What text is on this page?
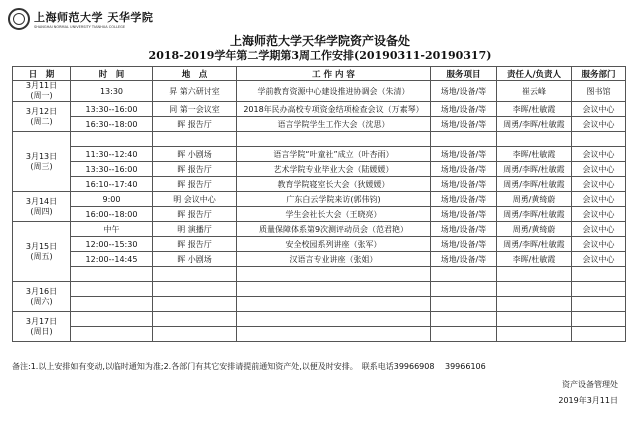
上海师范大学 天华学院
SHANGHAI NORMAL UNIVERSITY TIANHUA COLLEGE
上海师范大学天华学院资产设备处
2018-2019学年第二学期第3周工作安排(20190311-20190317)
日　期	时　间	地　点	工 作 内 容	服务项目	责任人/负责人	服务部门
3月11日
(周一)	13:30	昇 第六研讨室	学前教育资源中心建设推进协调会（朱清）	场地/设备/等	崔云峰	图书馆
3月12日
(周二)	13:30--16:00	同 第一会议室	2018年民办高校专项资金结项检查会议（万素琴）	场地/设备/等	李晖/杜敏霞	会议中心
	16:30--18:00	晖 报告厅	语言学院学生工作大会（沈思）	场地/设备/等	周勇/李晖/杜敏霞	会议中心
3月13日
(周三)						
	11:30--12:40	晖 小剧场	语言学院“叶童社”成立（叶杏雨）	场地/设备/等	李晖/杜敏霞	会议中心
	13:30--16:00	晖 报告厅	艺术学院专业毕业大会（陆媛媛）	场地/设备/等	周勇/李晖/杜敏霞	会议中心
	16:10--17:40	晖 报告厅	教育学院寝室长大会（狄媛媛）	场地/设备/等	周勇/李晖/杜敏霞	会议中心
3月14日
(周四)	9:00	明 会议中心	广东白云学院来访(郭伟钧)	场地/设备/等	周勇/黄绮蔚	会议中心
	16:00--18:00	晖 报告厅	学生会社长大会（王晓亮）	场地/设备/等	周勇/李晖/杜敏霞	会议中心
3月15日
(周五)	中午	明 演播厅	质量保障体系第9次测评动员会（范君艳）	场地/设备/等	周勇/黄绮蔚	会议中心
	12:00--15:30	晖 报告厅	安全校园系列讲座（张军）	场地/设备/等	周勇/李晖/杜敏霞	会议中心
	12:00--14:45	晖 小剧场	汉语言专业讲座（张姐）	场地/设备/等	李晖/杜敏霞	会议中心

3月16日
(周六)						

3月17日
(周日)						

备注:1.以上安排如有变动,以临时通知为准;2.各部门有其它安排请提前通知资产处,以便及时安排。　联系电话39966908　 39966106
资产设备管理处
2019年3月11日
